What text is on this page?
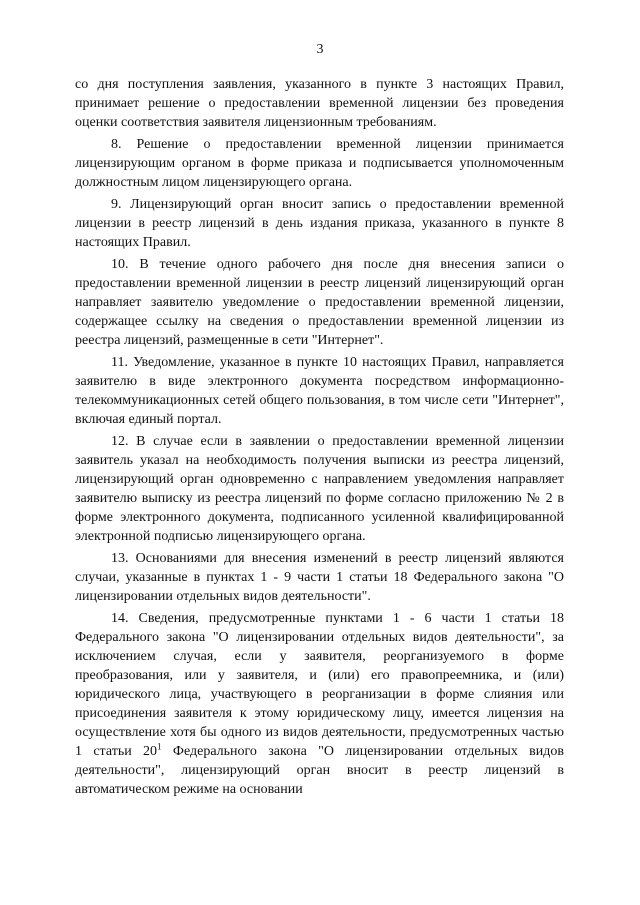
3

со дня поступления заявления, указанного в пункте 3 настоящих Правил, принимает решение о предоставлении временной лицензии без проведения оценки соответствия заявителя лицензионным требованиям.

8. Решение о предоставлении временной лицензии принимается лицензирующим органом в форме приказа и подписывается уполномоченным должностным лицом лицензирующего органа.

9. Лицензирующий орган вносит запись о предоставлении временной лицензии в реестр лицензий в день издания приказа, указанного в пункте 8 настоящих Правил.

10. В течение одного рабочего дня после дня внесения записи о предоставлении временной лицензии в реестр лицензий лицензирующий орган направляет заявителю уведомление о предоставлении временной лицензии, содержащее ссылку на сведения о предоставлении временной лицензии из реестра лицензий, размещенные в сети "Интернет".

11. Уведомление, указанное в пункте 10 настоящих Правил, направляется заявителю в виде электронного документа посредством информационно-телекоммуникационных сетей общего пользования, в том числе сети "Интернет", включая единый портал.

12. В случае если в заявлении о предоставлении временной лицензии заявитель указал на необходимость получения выписки из реестра лицензий, лицензирующий орган одновременно с направлением уведомления направляет заявителю выписку из реестра лицензий по форме согласно приложению № 2 в форме электронного документа, подписанного усиленной квалифицированной электронной подписью лицензирующего органа.

13. Основаниями для внесения изменений в реестр лицензий являются случаи, указанные в пунктах 1 - 9 части 1 статьи 18 Федерального закона "О лицензировании отдельных видов деятельности".

14. Сведения, предусмотренные пунктами 1 - 6 части 1 статьи 18 Федерального закона "О лицензировании отдельных видов деятельности", за исключением случая, если у заявителя, реорганизуемого в форме преобразования, или у заявителя, и (или) его правопреемника, и (или) юридического лица, участвующего в реорганизации в форме слияния или присоединения заявителя к этому юридическому лицу, имеется лицензия на осуществление хотя бы одного из видов деятельности, предусмотренных частью 1 статьи $20^1$ Федерального закона "О лицензировании отдельных видов деятельности", лицензирующий орган вносит в реестр лицензий в автоматическом режиме на основании
